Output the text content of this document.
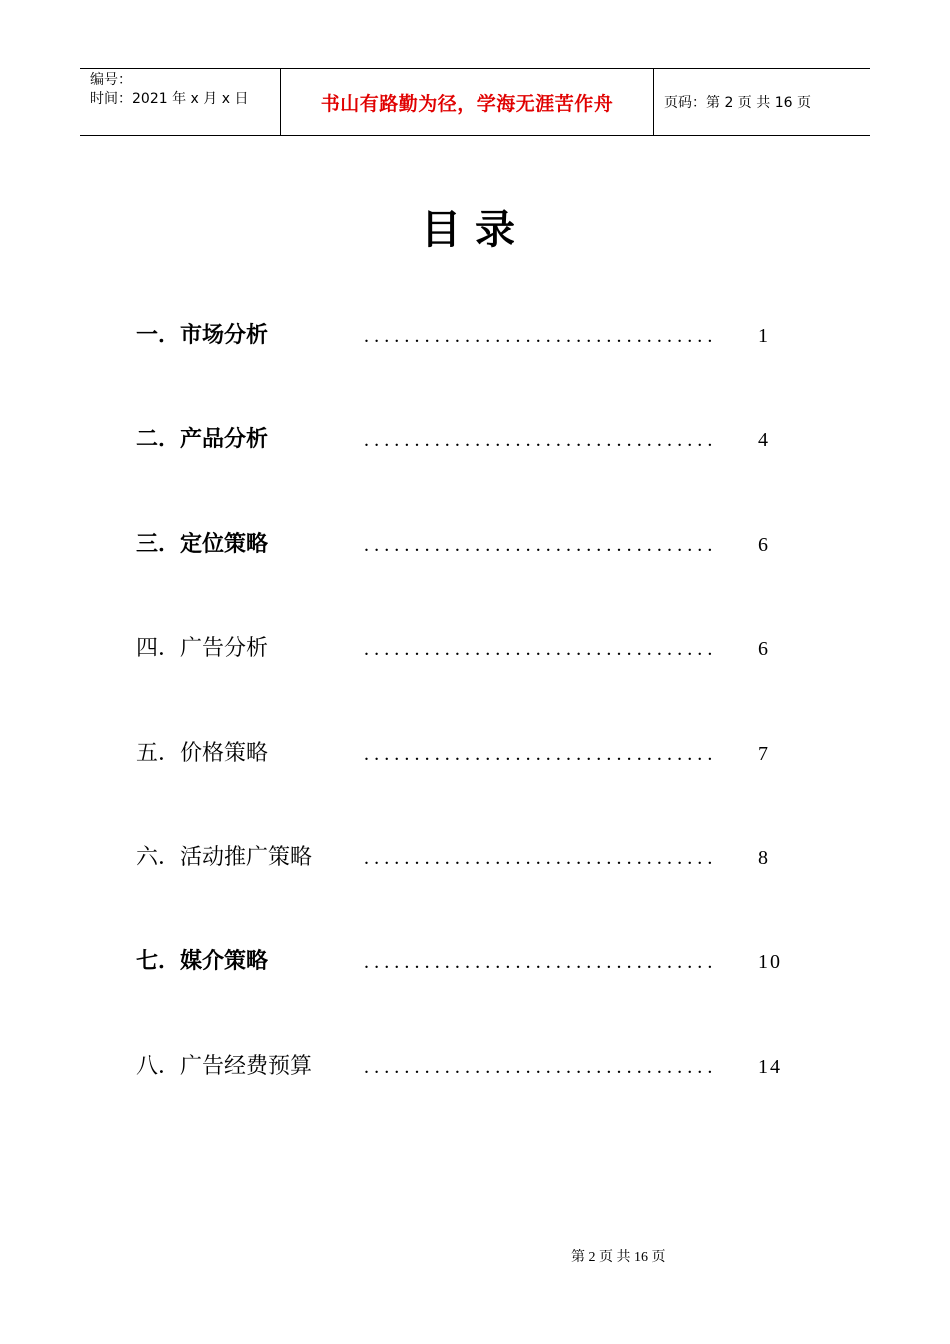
编号：
时间：2021 年 x 月 x 日	书山有路勤为径，学海无涯苦作舟	页码：第 2 页 共 16 页
目录
一．市场分析	................................... 1
二．产品分析	................................... 4
三．定位策略	................................... 6
四．广告分析	................................... 6
五．价格策略	................................... 7
六．活动推广策略	................................... 8
七．媒介策略	................................... 10
八．广告经费预算	................................... 14
第 2 页 共 16 页
